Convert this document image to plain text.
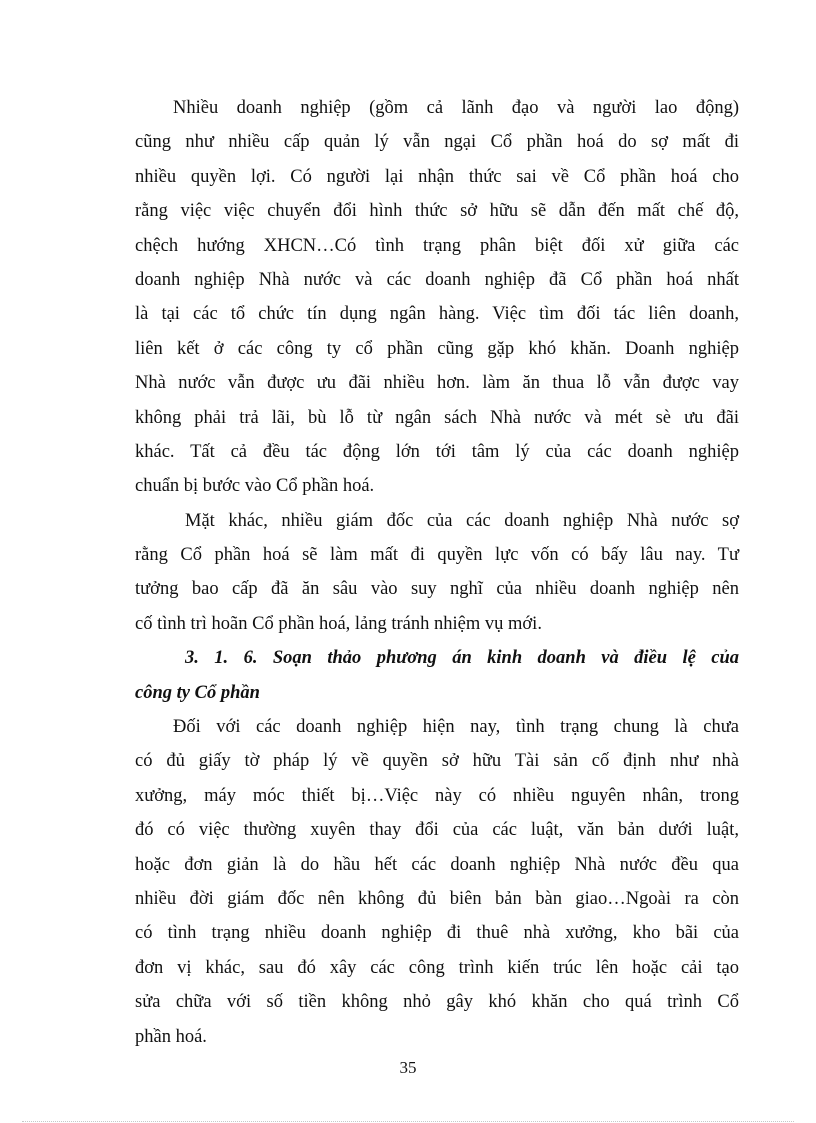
Nhiều doanh nghiệp (gồm cả lãnh đạo và người lao động)
cũng như nhiều cấp quản lý vẫn ngại Cổ phần hoá do sợ mất đi
nhiều quyền lợi. Có người lại nhận thức sai về Cổ phần hoá cho
rằng việc việc chuyển đổi hình thức sở hữu sẽ dẫn đến mất chế độ,
chệch hướng XHCN…Có tình trạng phân biệt đối xử giữa các
doanh nghiệp Nhà nước và các doanh nghiệp đã Cổ phần hoá nhất
là tại các tổ chức tín dụng ngân hàng. Việc tìm đối tác liên doanh,
liên kết ở các công ty cổ phần cũng gặp khó khăn. Doanh nghiệp
Nhà nước vẫn được ưu đãi nhiều hơn. làm ăn thua lỗ vẫn được vay
không phải trả lãi, bù lỗ từ ngân sách Nhà nước và mét sè ưu đãi
khác. Tất cả đều tác động lớn tới tâm lý của các doanh nghiệp
chuẩn bị bước vào Cổ phần hoá.
Mặt khác, nhiều giám đốc của các doanh nghiệp Nhà nước sợ
rằng Cổ phần hoá sẽ làm mất đi quyền lực vốn có bấy lâu nay. Tư
tưởng bao cấp đã ăn sâu vào suy nghĩ của nhiều doanh nghiệp nên
cố tình trì hoãn Cổ phần hoá, lảng tránh nhiệm vụ mới.
3. 1. 6. Soạn thảo phương án kinh doanh và điều lệ của
công ty Cổ phần
Đối với các doanh nghiệp hiện nay, tình trạng chung là chưa
có đủ giấy tờ pháp lý về quyền sở hữu Tài sản cố định như nhà
xưởng, máy móc thiết bị…Việc này có nhiều nguyên nhân, trong
đó có việc thường xuyên thay đổi của các luật, văn bản dưới luật,
hoặc đơn giản là do hầu hết các doanh nghiệp Nhà nước đều qua
nhiều đời giám đốc nên không đủ biên bản bàn giao…Ngoài ra còn
có tình trạng nhiều doanh nghiệp đi thuê nhà xưởng, kho bãi của
đơn vị khác, sau đó xây các công trình kiến trúc lên hoặc cải tạo
sửa chữa với số tiền không nhỏ gây khó khăn cho quá trình Cổ
phần hoá.
35
